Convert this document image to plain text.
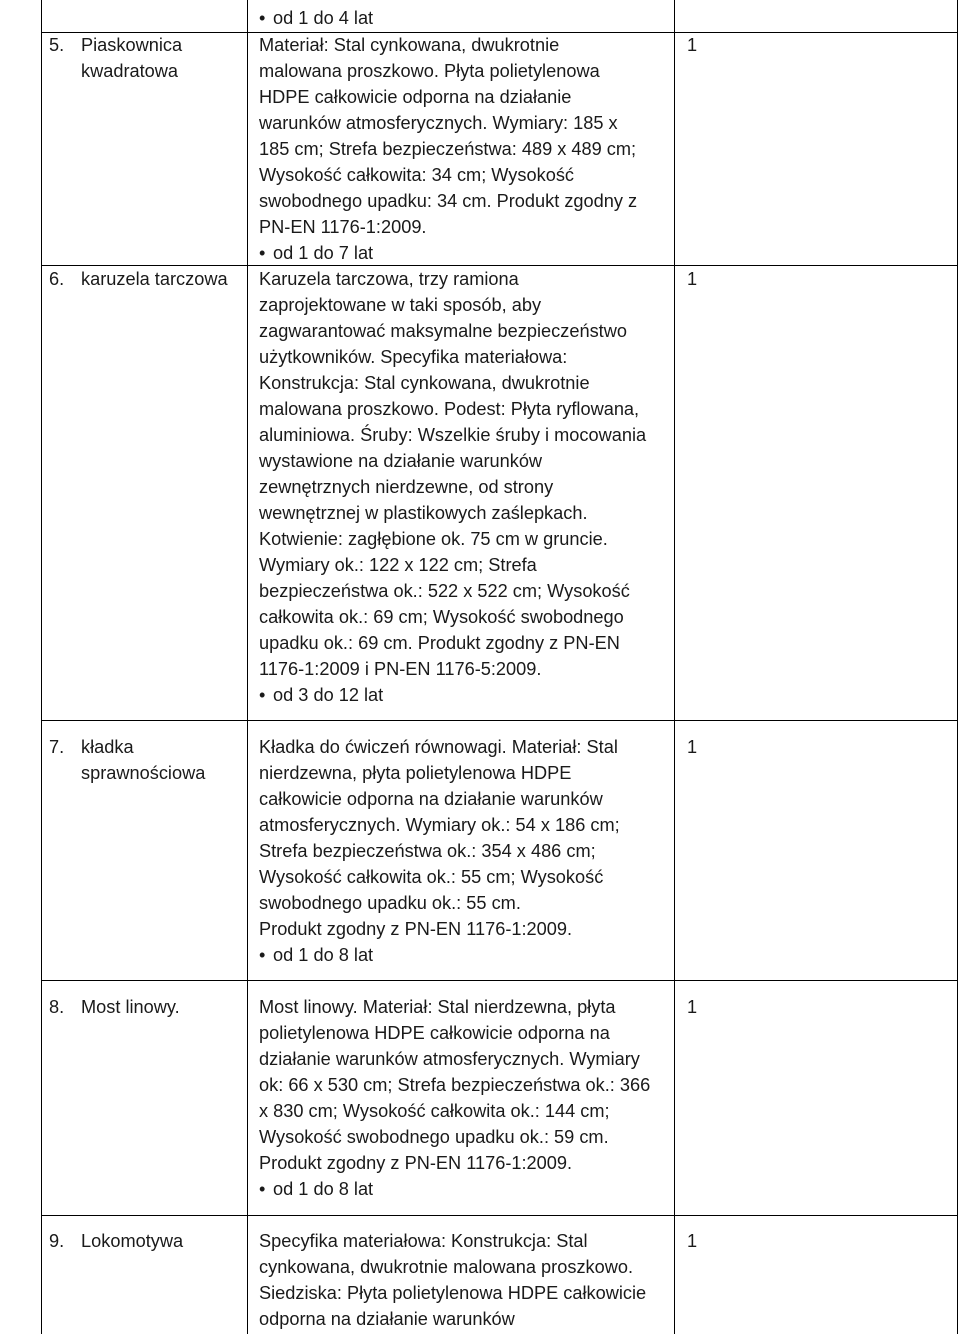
• od 1 do 4 lat

5. Piaskownica

kwadratowa

Materiał: Stal cynkowana, dwukrotnie

malowana proszkowo. Płyta polietylenowa

HDPE całkowicie odporna na działanie

warunków atmosferycznych. Wymiary: 185 x

185 cm; Strefa bezpieczeństwa: 489 x 489 cm;

Wysokość całkowita: 34 cm; Wysokość

swobodnego upadku: 34 cm. Produkt zgodny z

PN-EN 1176-1:2009.

• od 1 do 7 lat

1

6. karuzela tarczowa Karuzela tarczowa, trzy ramiona

zaprojektowane w taki sposób, aby

zagwarantować maksymalne bezpieczeństwo

użytkowników. Specyfika materiałowa:

Konstrukcja: Stal cynkowana, dwukrotnie

malowana proszkowo. Podest: Płyta ryflowana,

aluminiowa. Śruby: Wszelkie śruby i mocowania

wystawione na działanie warunków

zewnętrznych nierdzewne, od strony

wewnętrznej w plastikowych zaślepkach.

Kotwienie: zagłębione ok. 75 cm w gruncie.

Wymiary ok.: 122 x 122 cm; Strefa

bezpieczeństwa ok.: 522 x 522 cm; Wysokość

całkowita ok.: 69 cm; Wysokość swobodnego

upadku ok.: 69 cm. Produkt zgodny z PN-EN

1176-1:2009 i PN-EN 1176-5:2009.

• od 3 do 12 lat

1

7. kładka

sprawnościowa

Kładka do ćwiczeń równowagi. Materiał: Stal

nierdzewna, płyta polietylenowa HDPE

całkowicie odporna na działanie warunków

atmosferycznych. Wymiary ok.: 54 x 186 cm;

Strefa bezpieczeństwa ok.: 354 x 486 cm;

Wysokość całkowita ok.: 55 cm; Wysokość

swobodnego upadku ok.: 55 cm.

Produkt zgodny z PN-EN 1176-1:2009.

• od 1 do 8 lat

1

8. Most linowy.	Most linowy. Materiał: Stal nierdzewna, płyta

polietylenowa HDPE całkowicie odporna na

działanie warunków atmosferycznych. Wymiary

ok: 66 x 530 cm; Strefa bezpieczeństwa ok.: 366

x 830 cm; Wysokość całkowita ok.: 144 cm;

Wysokość swobodnego upadku ok.: 59 cm.

Produkt zgodny z PN-EN 1176-1:2009.

• od 1 do 8 lat

1

9. Lokomotywa	Specyfika materiałowa: Konstrukcja: Stal

cynkowana, dwukrotnie malowana proszkowo.

Siedziska: Płyta polietylenowa HDPE całkowicie

odporna na działanie warunków

1
